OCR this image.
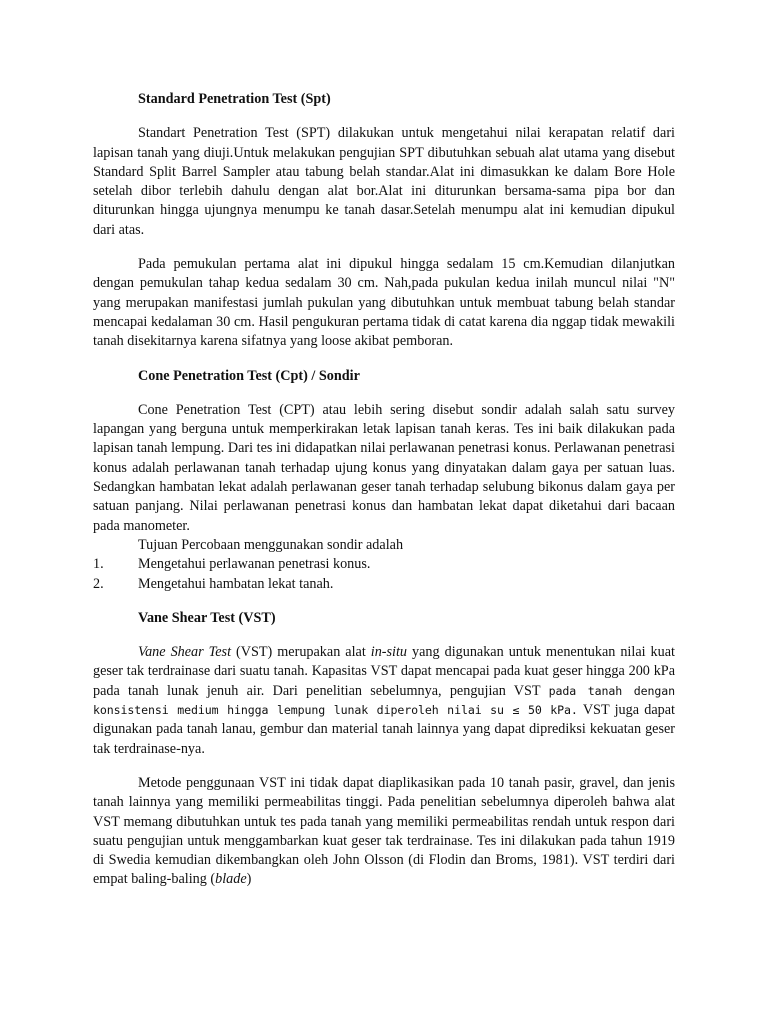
Standard Penetration Test (Spt)

Standart Penetration Test (SPT) dilakukan untuk mengetahui nilai kerapatan relatif dari lapisan tanah yang diuji.Untuk melakukan pengujian SPT dibutuhkan sebuah alat utama yang disebut Standard Split Barrel Sampler atau tabung belah standar.Alat ini dimasukkan ke dalam Bore Hole setelah dibor terlebih dahulu dengan alat bor.Alat ini diturunkan bersama-sama pipa bor dan diturunkan hingga ujungnya menumpu ke tanah dasar.Setelah menumpu alat ini kemudian dipukul dari atas.

Pada pemukulan pertama alat ini dipukul hingga sedalam 15 cm.Kemudian dilanjutkan dengan pemukulan tahap kedua sedalam 30 cm. Nah,pada pukulan kedua inilah muncul nilai "N" yang merupakan manifestasi jumlah pukulan yang dibutuhkan untuk membuat tabung belah standar mencapai kedalaman 30 cm. Hasil pengukuran pertama tidak di catat karena dia nggap tidak mewakili tanah disekitarnya karena sifatnya yang loose akibat pemboran.

Cone Penetration Test (Cpt) / Sondir

Cone Penetration Test (CPT) atau lebih sering disebut sondir adalah salah satu survey lapangan yang berguna untuk memperkirakan letak lapisan tanah keras. Tes ini baik dilakukan pada lapisan tanah lempung. Dari tes ini didapatkan nilai perlawanan penetrasi konus. Perlawanan penetrasi konus adalah perlawanan tanah terhadap ujung konus yang dinyatakan dalam gaya per satuan luas. Sedangkan hambatan lekat adalah perlawanan geser tanah terhadap selubung bikonus dalam gaya per satuan panjang. Nilai perlawanan penetrasi konus dan hambatan lekat dapat diketahui dari bacaan pada manometer.

Tujuan Percobaan menggunakan sondir adalah

1.	Mengetahui perlawanan penetrasi konus.
2.	Mengetahui hambatan lekat tanah.

Vane Shear Test (VST)

Vane Shear Test (VST) merupakan alat in-situ yang digunakan untuk menentukan nilai kuat geser tak terdrainase dari suatu tanah. Kapasitas VST dapat mencapai pada kuat geser hingga 200 kPa pada tanah lunak jenuh air. Dari penelitian sebelumnya, pengujian VST pada tanah dengan konsistensi medium hingga lempung lunak diperoleh nilai su ≤ 50 kPa. VST juga dapat digunakan pada tanah lanau, gembur dan material tanah lainnya yang dapat diprediksi kekuatan geser tak terdrainase-nya.

Metode penggunaan VST ini tidak dapat diaplikasikan pada 10 tanah pasir, gravel, dan jenis tanah lainnya yang memiliki permeabilitas tinggi. Pada penelitian sebelumnya diperoleh bahwa alat VST memang dibutuhkan untuk tes pada tanah yang memiliki permeabilitas rendah untuk respon dari suatu pengujian untuk menggambarkan kuat geser tak terdrainase. Tes ini dilakukan pada tahun 1919 di Swedia kemudian dikembangkan oleh John Olsson (di Flodin dan Broms, 1981). VST terdiri dari empat baling-baling (blade)
